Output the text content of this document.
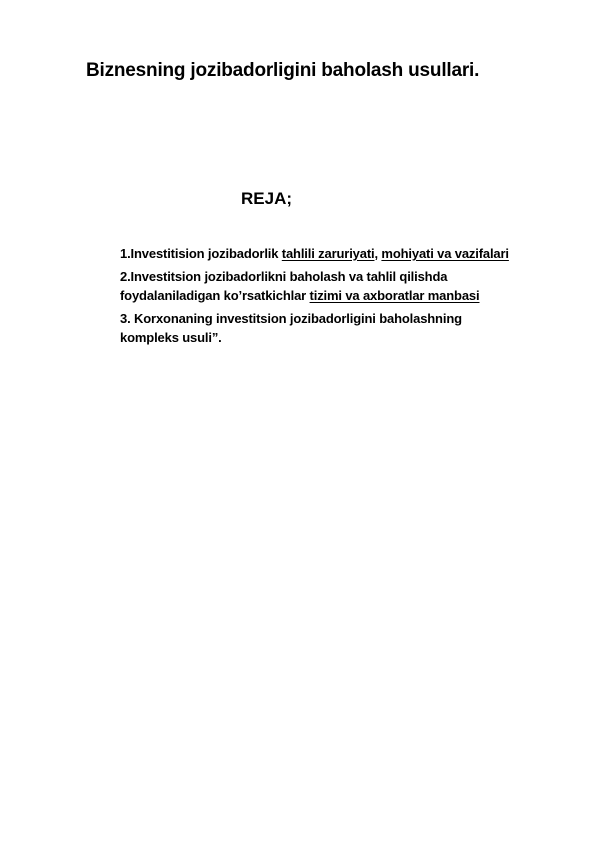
Biznesning jozibadorligini baholash usullari.
REJA;

1.Investitision jozibadorlik tahlili zaruriyati, mohiyati va vazifalari

2.Investitsion jozibadorlikni baholash va tahlil qilishda foydalaniladigan ko’rsatkichlar tizimi va axboratlar manbasi

3. Korxonaning investitsion jozibadorligini baholashning kompleks usuli”.
